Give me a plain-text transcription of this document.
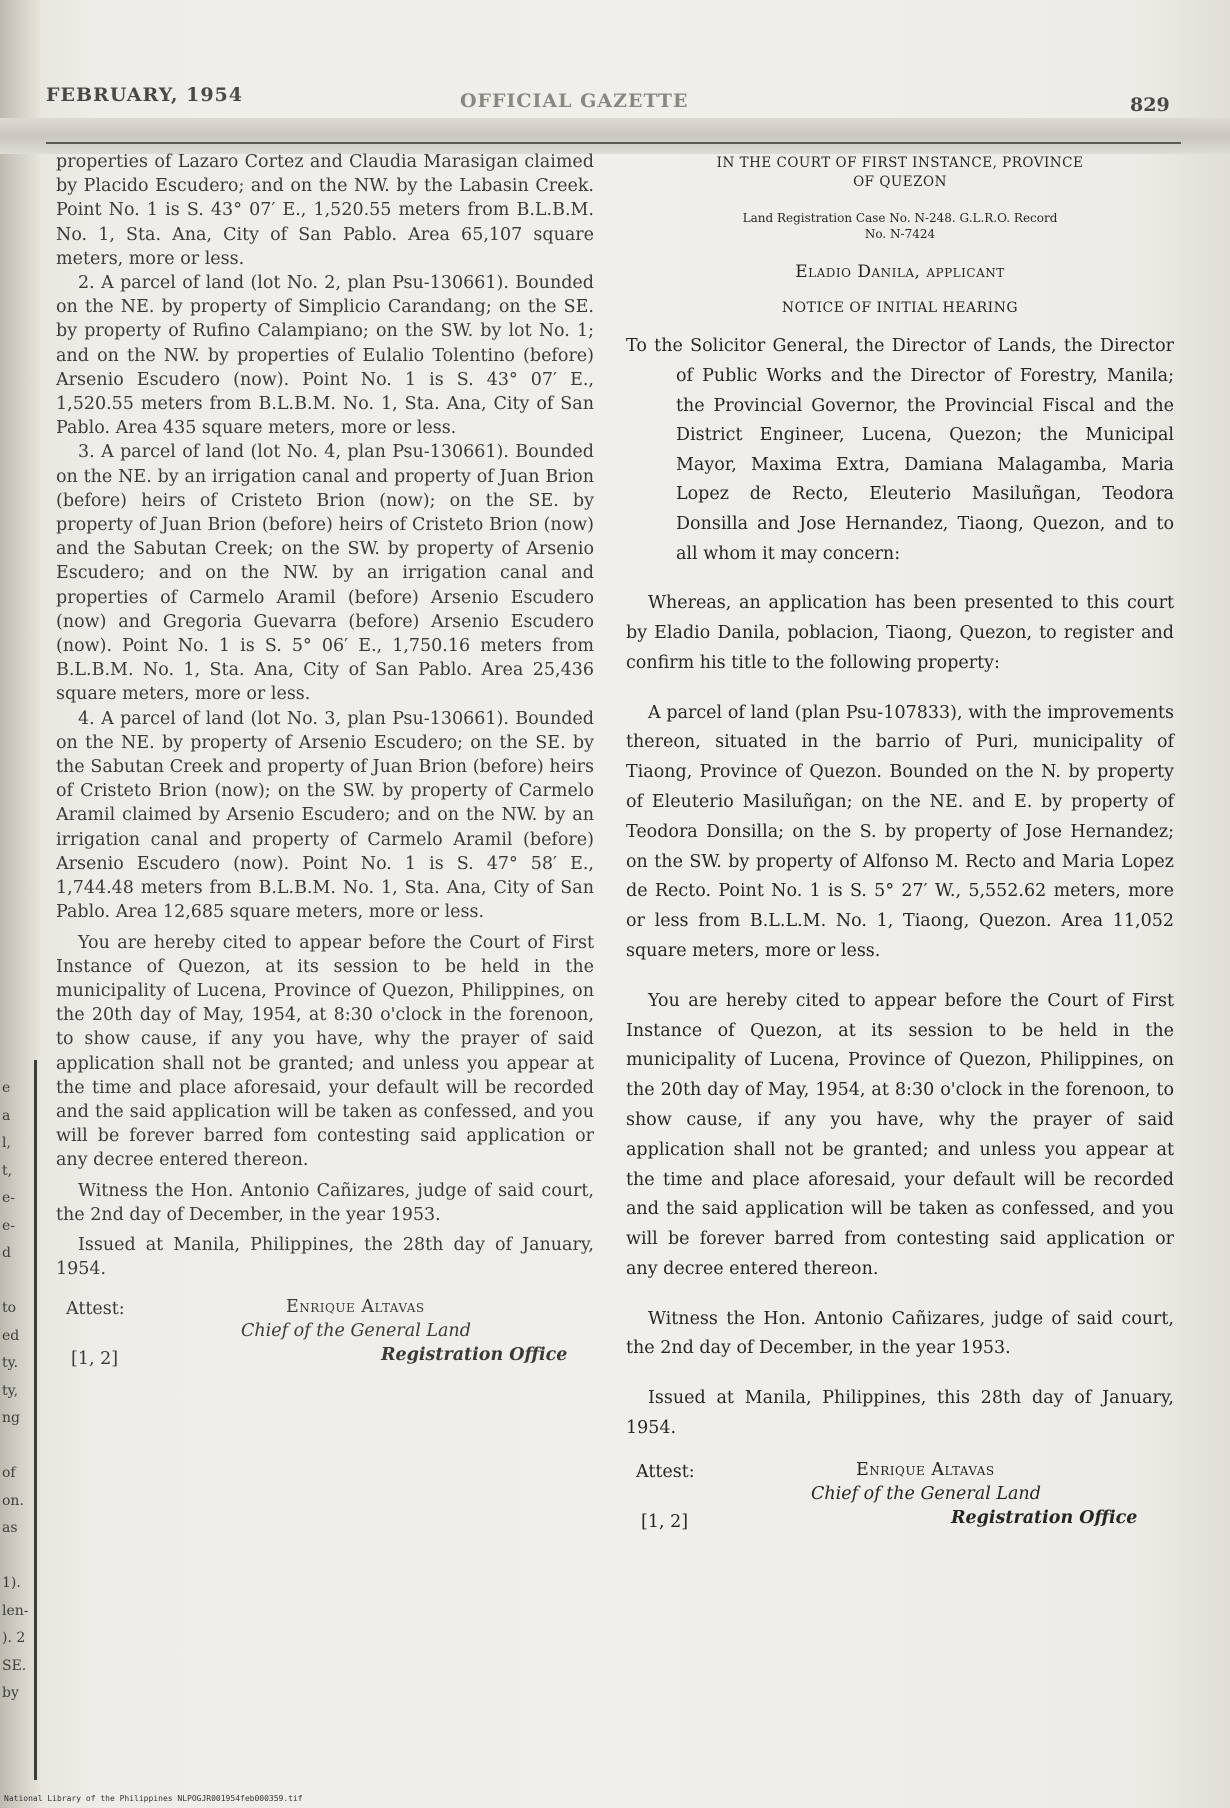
e
a
l,
t,
e-
e-
d

to
ed
ty.
ty,
ng

of
on.
as

1).
len-
). 2
SE.
by
FEBRUARY, 1954	OFFICIAL GAZETTE	829

properties of Lazaro Cortez and Claudia Marasigan claimed by Placido Escudero; and on the NW. by the Labasin Creek. Point No. 1 is S. 43° 07′ E., 1,520.55 meters from B.L.B.M. No. 1, Sta. Ana, City of San Pablo. Area 65,107 square meters, more or less.

2. A parcel of land (lot No. 2, plan Psu-130661). Bounded on the NE. by property of Simplicio Carandang; on the SE. by property of Rufino Calampiano; on the SW. by lot No. 1; and on the NW. by properties of Eulalio Tolentino (before) Arsenio Escudero (now). Point No. 1 is S. 43° 07′ E., 1,520.55 meters from B.L.B.M. No. 1, Sta. Ana, City of San Pablo. Area 435 square meters, more or less.

3. A parcel of land (lot No. 4, plan Psu-130661). Bounded on the NE. by an irrigation canal and property of Juan Brion (before) heirs of Cristeto Brion (now); on the SE. by property of Juan Brion (before) heirs of Cristeto Brion (now) and the Sabutan Creek; on the SW. by property of Arsenio Escudero; and on the NW. by an irrigation canal and properties of Carmelo Aramil (before) Arsenio Escudero (now) and Gregoria Guevarra (before) Arsenio Escudero (now). Point No. 1 is S. 5° 06′ E., 1,750.16 meters from B.L.B.M. No. 1, Sta. Ana, City of San Pablo. Area 25,436 square meters, more or less.

4. A parcel of land (lot No. 3, plan Psu-130661). Bounded on the NE. by property of Arsenio Escudero; on the SE. by the Sabutan Creek and property of Juan Brion (before) heirs of Cristeto Brion (now); on the SW. by property of Carmelo Aramil claimed by Arsenio Escudero; and on the NW. by an irrigation canal and property of Carmelo Aramil (before) Arsenio Escudero (now). Point No. 1 is S. 47° 58′ E., 1,744.48 meters from B.L.B.M. No. 1, Sta. Ana, City of San Pablo. Area 12,685 square meters, more or less.

You are hereby cited to appear before the Court of First Instance of Quezon, at its session to be held in the municipality of Lucena, Province of Quezon, Philippines, on the 20th day of May, 1954, at 8:30 o'clock in the forenoon, to show cause, if any you have, why the prayer of said application shall not be granted; and unless you appear at the time and place aforesaid, your default will be recorded and the said application will be taken as confessed, and you will be forever barred fom contesting said application or any decree entered thereon.

Witness the Hon. Antonio Cañizares, judge of said court, the 2nd day of December, in the year 1953.

Issued at Manila, Philippines, the 28th day of January, 1954.

Attest:	Enrique Altavas
Chief of the General Land
Registration Office
[1, 2]

IN THE COURT OF FIRST INSTANCE, PROVINCE
OF QUEZON

Land Registration Case No. N-248. G.L.R.O. Record
No. N-7424

Eladio Danila, applicant

NOTICE OF INITIAL HEARING

To the Solicitor General, the Director of Lands, the Director of Public Works and the Director of Forestry, Manila; the Provincial Governor, the Provincial Fiscal and the District Engineer, Lucena, Quezon; the Municipal Mayor, Maxima Extra, Damiana Malagamba, Maria Lopez de Recto, Eleuterio Masiluñgan, Teodora Donsilla and Jose Hernandez, Tiaong, Quezon, and to all whom it may concern:

Whereas, an application has been presented to this court by Eladio Danila, poblacion, Tiaong, Quezon, to register and confirm his title to the following property:

A parcel of land (plan Psu-107833), with the improvements thereon, situated in the barrio of Puri, municipality of Tiaong, Province of Quezon. Bounded on the N. by property of Eleuterio Masiluñgan; on the NE. and E. by property of Teodora Donsilla; on the S. by property of Jose Hernandez; on the SW. by property of Alfonso M. Recto and Maria Lopez de Recto. Point No. 1 is S. 5° 27′ W., 5,552.62 meters, more or less from B.L.L.M. No. 1, Tiaong, Quezon. Area 11,052 square meters, more or less.

You are hereby cited to appear before the Court of First Instance of Quezon, at its session to be held in the municipality of Lucena, Province of Quezon, Philippines, on the 20th day of May, 1954, at 8:30 o'clock in the forenoon, to show cause, if any you have, why the prayer of said application shall not be granted; and unless you appear at the time and place aforesaid, your default will be recorded and the said application will be taken as confessed, and you will be forever barred from contesting said application or any decree entered thereon.

Witness the Hon. Antonio Cañizares, judge of said court, the 2nd day of December, in the year 1953.

Issued at Manila, Philippines, this 28th day of January, 1954.

Attest:	Enrique Altavas
Chief of the General Land
Registration Office
[1, 2]
National Library of the Philippines NLPOGJR001954feb000359.tif
